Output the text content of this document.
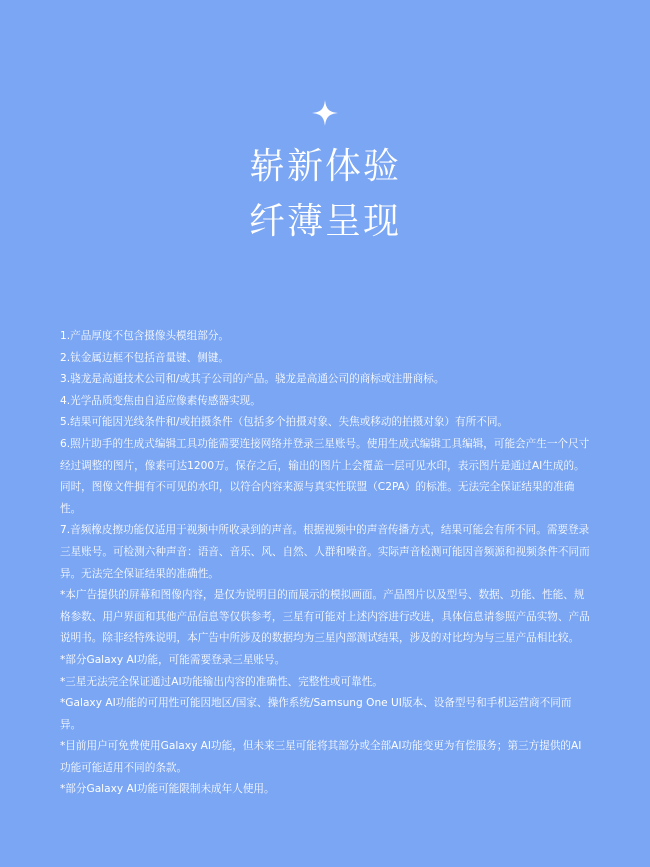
崭新体验
纤薄呈现

1.产品厚度不包含摄像头模组部分。

2.钛金属边框不包括音量键、侧键。

3.骁龙是高通技术公司和/或其子公司的产品。骁龙是高通公司的商标或注册商标。

4.光学品质变焦由自适应像素传感器实现。

5.结果可能因光线条件和/或拍摄条件（包括多个拍摄对象、失焦或移动的拍摄对象）有所不同。

6.照片助手的生成式编辑工具功能需要连接网络并登录三星账号。使用生成式编辑工具编辑，可能会产生一个尺寸经过调整的图片，像素可达1200万。保存之后，输出的图片上会覆盖一层可见水印，表示图片是通过AI生成的。同时，图像文件拥有不可见的水印，以符合内容来源与真实性联盟（C2PA）的标准。无法完全保证结果的准确性。

7.音频橡皮擦功能仅适用于视频中所收录到的声音。根据视频中的声音传播方式，结果可能会有所不同。需要登录三星账号。可检测六种声音：语音、音乐、风、自然、人群和噪音。实际声音检测可能因音频源和视频条件不同而异。无法完全保证结果的准确性。

*本广告提供的屏幕和图像内容，是仅为说明目的而展示的模拟画面。产品图片以及型号、数据、功能、性能、规格参数、用户界面和其他产品信息等仅供参考，三星有可能对上述内容进行改进，具体信息请参照产品实物、产品说明书。除非经特殊说明，本广告中所涉及的数据均为三星内部测试结果，涉及的对比均为与三星产品相比较。

*部分Galaxy AI功能，可能需要登录三星账号。

*三星无法完全保证通过AI功能输出内容的准确性、完整性或可靠性。

*Galaxy AI功能的可用性可能因地区/国家、操作系统/Samsung One UI版本、设备型号和手机运营商不同而异。

*目前用户可免费使用Galaxy AI功能，但未来三星可能将其部分或全部AI功能变更为有偿服务；第三方提供的AI功能可能适用不同的条款。

*部分Galaxy AI功能可能限制未成年人使用。
